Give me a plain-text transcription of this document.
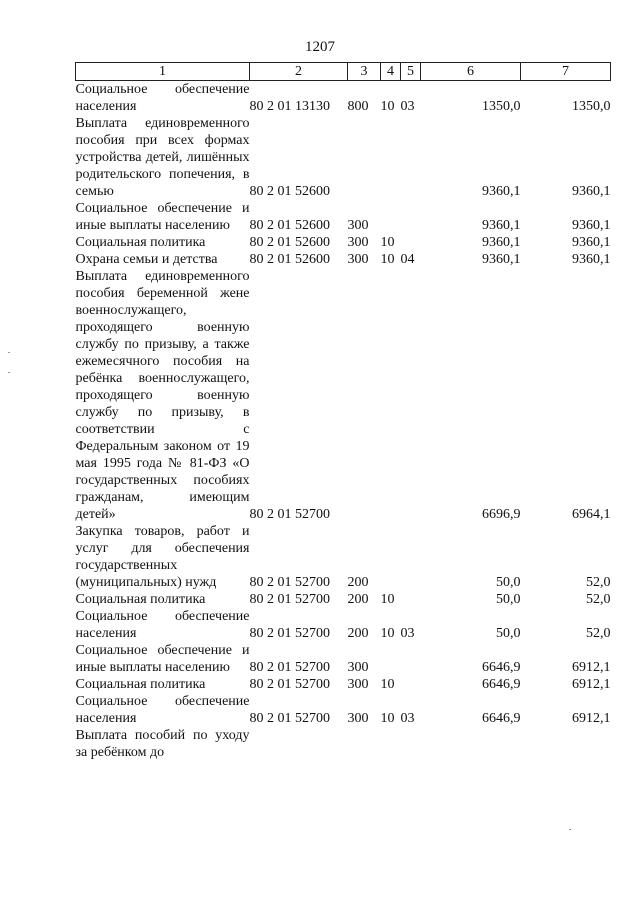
1207
1	2	3	4	5	6	7
Социальное обеспечение населения	80 2 01 13130	800	10	03	1350,0	1350,0
Выплата единовременного пособия при всех формах устройства детей, лишённых родительского попечения, в семью	80 2 01 52600				9360,1	9360,1
Социальное обеспечение и иные выплаты населению	80 2 01 52600	300			9360,1	9360,1
Социальная политика	80 2 01 52600	300	10		9360,1	9360,1
Охрана семьи и детства	80 2 01 52600	300	10	04	9360,1	9360,1
Выплата единовременного пособия беременной жене военнослужащего, проходящего военную службу по призыву, а также ежемесячного пособия на ребёнка военнослужащего, проходящего военную службу по призыву, в соответствии с Федеральным законом от 19 мая 1995 года № 81-ФЗ «О государственных пособиях гражданам, имеющим детей»	80 2 01 52700				6696,9	6964,1
Закупка товаров, работ и услуг для обеспечения государственных (муниципальных) нужд	80 2 01 52700	200			50,0	52,0
Социальная политика	80 2 01 52700	200	10		50,0	52,0
Социальное обеспечение населения	80 2 01 52700	200	10	03	50,0	52,0
Социальное обеспечение и иные выплаты населению	80 2 01 52700	300			6646,9	6912,1
Социальная политика	80 2 01 52700	300	10		6646,9	6912,1
Социальное обеспечение населения	80 2 01 52700	300	10	03	6646,9	6912,1
Выплата пособий по уходу за ребёнком до						
